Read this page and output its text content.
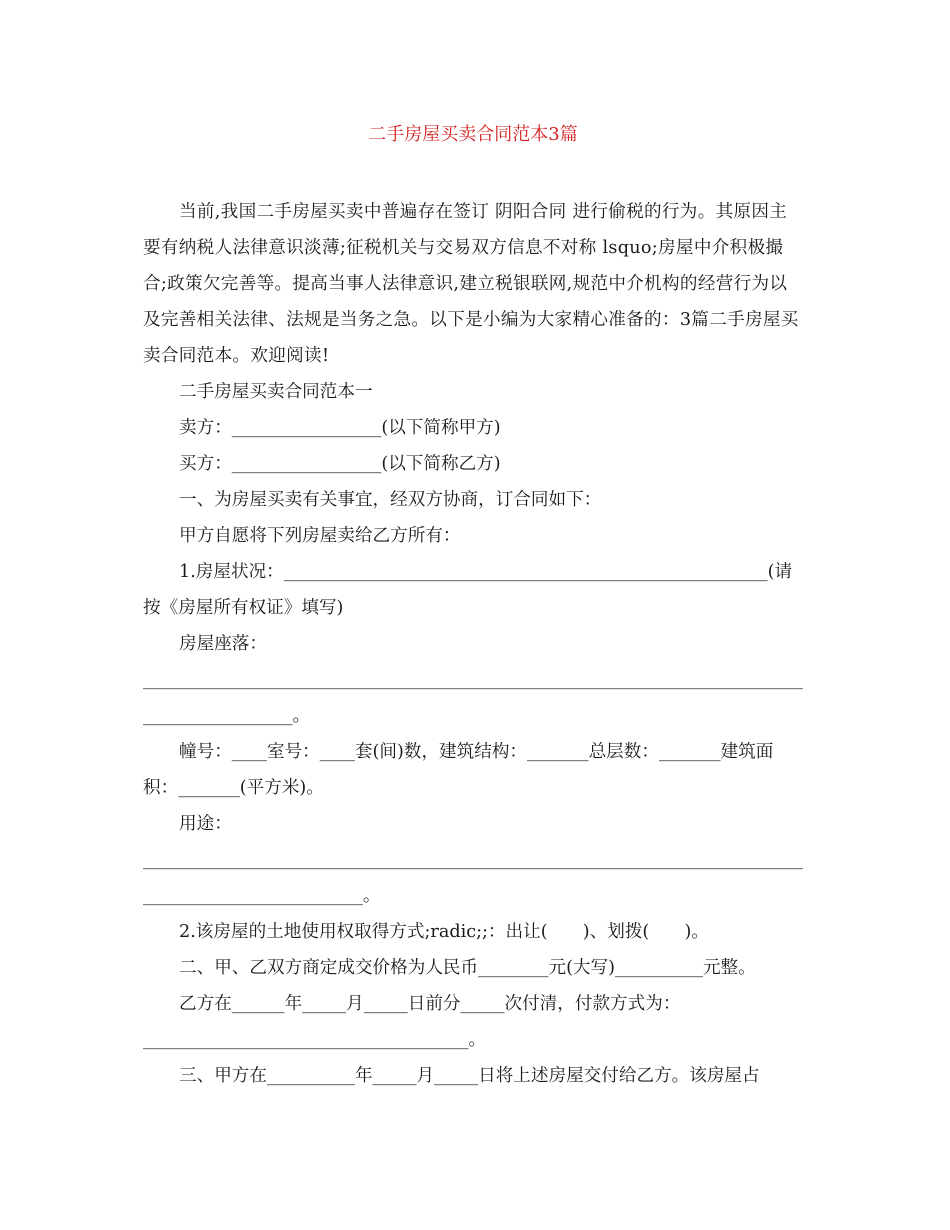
二手房屋买卖合同范本3篇

当前,我国二手房屋买卖中普遍存在签订 阴阳合同 进行偷税的行为。其原因主要有纳税人法律意识淡薄;征税机关与交易双方信息不对称 lsquo;房屋中介积极撮合;政策欠完善等。提高当事人法律意识,建立税银联网,规范中介机构的经营行为以及完善相关法律、法规是当务之急。以下是小编为大家精心准备的：3篇二手房屋买卖合同范本。欢迎阅读!

二手房屋买卖合同范本一

卖方：_________________(以下简称甲方)

买方：_________________(以下简称乙方)

一、为房屋买卖有关事宜，经双方协商，订合同如下：

甲方自愿将下列房屋卖给乙方所有：

1.房屋状况：_______________________________________________________(请按《房屋所有权证》填写)

房屋座落：

____________________________________________________________________________________________。

幢号：____室号：____套(间)数，建筑结构：_______总层数：_______建筑面积：_______(平方米)。

用途：

____________________________________________________________________________________________________。

2.该房屋的土地使用权取得方式;radic;;：出让(　　)、划拨(　　)。

二、甲、乙双方商定成交价格为人民币________元(大写)__________元整。

乙方在______年_____月_____日前分_____次付清，付款方式为：

_____________________________________。

三、甲方在__________年_____月_____日将上述房屋交付给乙方。该房屋占
